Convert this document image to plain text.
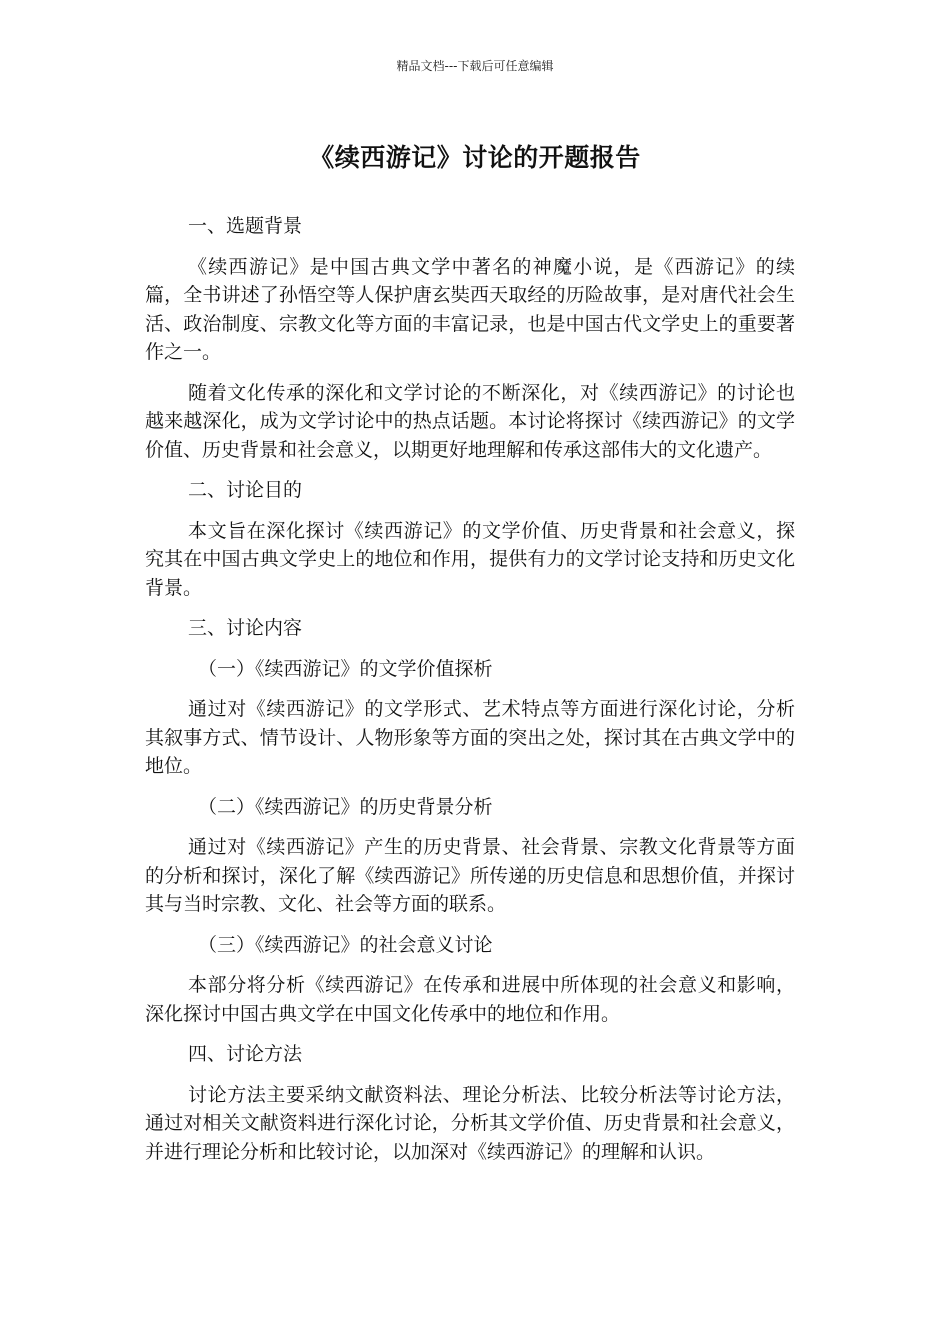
精品文档---下载后可任意编辑
《续西游记》讨论的开题报告

一、选题背景

《续西游记》是中国古典文学中著名的神魔小说，是《西游记》的续篇，全书讲述了孙悟空等人保护唐玄奘西天取经的历险故事，是对唐代社会生活、政治制度、宗教文化等方面的丰富记录，也是中国古代文学史上的重要著作之一。

随着文化传承的深化和文学讨论的不断深化，对《续西游记》的讨论也越来越深化，成为文学讨论中的热点话题。本讨论将探讨《续西游记》的文学价值、历史背景和社会意义，以期更好地理解和传承这部伟大的文化遗产。

二、讨论目的

本文旨在深化探讨《续西游记》的文学价值、历史背景和社会意义，探究其在中国古典文学史上的地位和作用，提供有力的文学讨论支持和历史文化背景。

三、讨论内容

（一）《续西游记》的文学价值探析

通过对《续西游记》的文学形式、艺术特点等方面进行深化讨论，分析其叙事方式、情节设计、人物形象等方面的突出之处，探讨其在古典文学中的地位。

（二）《续西游记》的历史背景分析

通过对《续西游记》产生的历史背景、社会背景、宗教文化背景等方面的分析和探讨，深化了解《续西游记》所传递的历史信息和思想价值，并探讨其与当时宗教、文化、社会等方面的联系。

（三）《续西游记》的社会意义讨论

本部分将分析《续西游记》在传承和进展中所体现的社会意义和影响，深化探讨中国古典文学在中国文化传承中的地位和作用。

四、讨论方法

讨论方法主要采纳文献资料法、理论分析法、比较分析法等讨论方法，通过对相关文献资料进行深化讨论，分析其文学价值、历史背景和社会意义，并进行理论分析和比较讨论，以加深对《续西游记》的理解和认识。
